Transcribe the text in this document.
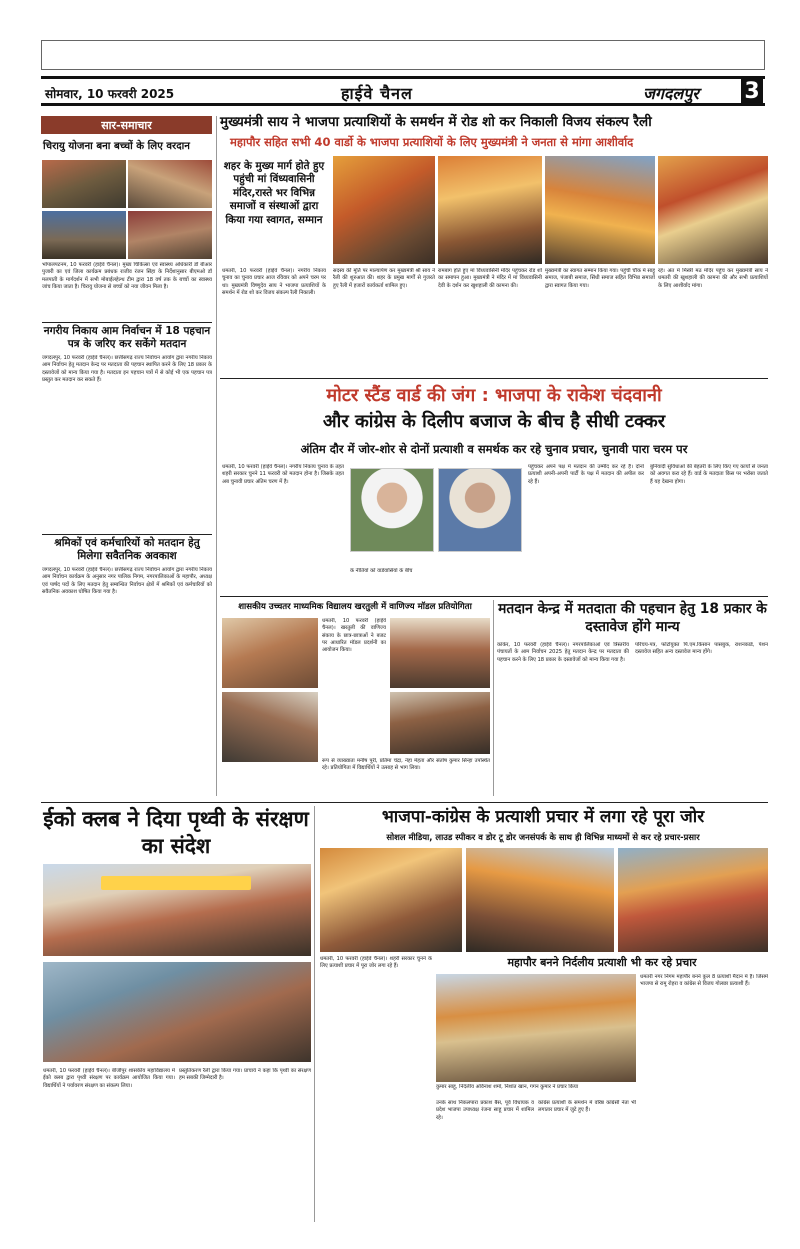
सोमवार, 10 फरवरी 2025	हाईवे चैनल	जगदलपुर 3
सार-समाचार
चिरायु योजना बना बच्चों के लिए वरदान
भोपालपटनम, 10 फरवरी (हाईवे चैनल)। मुख्य चिकित्सा एवं स्वास्थ्य अधिकारी डॉ बीआर पुजारी का एवं जिला कार्यक्रम प्रबंधक राजीव रंजन सिंहा के निर्देशानुसार बीएमओ डॉ मलपाती के मार्गदर्शन में सभी मोबाईलहेल्थ टीम द्वारा 18 वर्ष तक के बच्चों का स्वास्थ्य जांच किया जाता है। चिरायु योजना से बच्चों को नया जीवन मिला है।
नगरीय निकाय आम निर्वाचन में 18 पहचान पत्र के जरिए कर सकेंगे मतदान
जगदलपुर, 10 फरवरी (हाईवे चैनल)। छत्तीसगढ़ राज्य निर्वाचन आयोग द्वारा नगरीय निकाय आम निर्वाचन हेतु मतदान केन्द्र पर मतदाता की पहचान स्थापित करने के लिए 18 प्रकार के दस्तावेजों को मान्य किया गया है। मतदाता इन पहचान पत्रों में से कोई भी एक पहचान पत्र प्रस्तुत कर मतदान कर सकते हैं।
श्रमिकों एवं कर्मचारियों को मतदान हेतु मिलेगा सवैतनिक अवकाश
जगदलपुर, 10 फरवरी (हाईवे चैनल)। छत्तीसगढ़ राज्य निर्वाचन आयोग द्वारा नगरीय निकाय आम निर्वाचन कार्यक्रम के अनुसार नगर पालिक निगम, नगरपालिकाओं के महापौर, अध्यक्ष एवं पार्षद पदों के लिए मतदान हेतु सम्बन्धित निर्वाचन क्षेत्रों में श्रमिकों एवं कर्मचारियों को सवैतनिक अवकाश घोषित किया गया है।
मुख्यमंत्री साय ने भाजपा प्रत्याशियों के समर्थन में रोड शो कर निकाली विजय संकल्प रैली
महापौर सहित सभी 40 वार्डो के भाजपा प्रत्याशियों के लिए मुख्यमंत्री ने जनता से मांगा आशीर्वाद
शहर के मुख्य मार्ग होते हुए पहुंची मां विंध्यवासिनी मंदिर,रास्ते भर विभिन्न समाजों व संस्थाओं द्वारा किया गया स्वागत, सम्मान
धमतरी, 10 फरवरी (हाईवे चैनल)। नगरीय निकाय चुनाव का चुनाव प्रचार आज रविवार को अपने चरम पर था। मुख्यमंत्री विष्णुदेव साय ने भाजपा प्रत्याशियों के समर्थन में रोड शो कर विजय संकल्प रैली निकाली।
सदस्य की मूर्ति पर माल्यार्पण कर मुख्यमंत्री श्री साय ने रैली की शुरुआत की। शहर के प्रमुख मार्गों से गुजरते हुए रैली में हजारों कार्यकर्ता शामिल हुए।
रामबाग होते हुए मां विंध्यवासिनी मंदिर पहुंचकर रोड शो का समापन हुआ। मुख्यमंत्री ने मंदिर में मां विंध्यवासिनी देवी के दर्शन कर खुशहाली की कामना की।
मुख्यमंत्री का स्वागत सम्मान किया गया। पहुंची चौक में साहू समाज, पंजाबी समाज, सिंधी समाज सहित विभिन्न समाजों द्वारा स्वागत किया गया।
रहे। अंत में मिस्त्री मठ मंदिर पहुंच कर मुख्यमंत्री साय ने धमतरी की खुशहाली की कामना की और सभी प्रत्याशियों के लिए आशीर्वाद मांगा।
मोटर स्टैंड वार्ड की जंग : भाजपा के राकेश चंदवानी
और कांग्रेस के दिलीप बजाज के बीच है सीधी टक्कर
अंतिम दौर में जोर-शोर से दोनों प्रत्याशी व समर्थक कर रहे चुनाव प्रचार, चुनावी पारा चरम पर
धमतरी, 10 फरवरी (हाईवे चैनल)। नगरीय निकाय चुनाव के तहत शहरी सरकार चुनने 11 फरवरी को मतदान होना है। जिसके तहत अब चुनावी प्रचार अंतिम चरण में है।
के नीतियों को वार्डवासियों के बीच
पहुंचकर अपने पक्ष में मतदान की उम्मीद कर रहे हैं। दोनों प्रत्याशी अपनी-अपनी पार्टी के पक्ष में मतदान की अपील कर रहे हैं।
बुनियादी सुविधाओं की बेहतरी के लिए किए गए कार्यों से जनता को अवगत करा रहे हैं। वार्ड के मतदाता किस पर भरोसा जताते हैं यह देखना होगा।
शासकीय उच्चतर माध्यमिक विद्यालय खरतुली में वाणिज्य मॉडल प्रतियोगिता
धमतरी, 10 फरवरी (हाईवे चैनल)। खरतुली की वाणिज्य संकाय के छात्र-छात्राओं ने बजट पर आधारित मॉडल प्रदर्शनी का आयोजन किया।
रूप से व्याख्याता मनीष पुरी, प्रतिमा चंद्रा, नेहा मेहता और संतोष कुमार सिन्हा उपस्थित रहे। प्रतियोगिता में विद्यार्थियों ने उत्साह से भाग लिया।
मतदान केन्द्र में मतदाता की पहचान हेतु 18 प्रकार के दस्तावेज होंगे मान्य
कांकेर, 10 फरवरी (हाईवे चैनल)। नगरपालिकाओं एवं त्रिस्तरीय पंचायतों के आम निर्वाचन 2025 हेतु मतदान केन्द्र पर मतदाता की पहचान करने के लिए 18 प्रकार के दस्तावेजों को मान्य किया गया है।
परिचय-पत्र, फोटोयुक्त पि.एम.किसान पासबुक, राशनकार्ड, पेंशन दस्तावेज सहित अन्य दस्तावेज मान्य होंगे।
ईको क्लब ने दिया पृथ्वी के संरक्षण का संदेश
धमतरी, 10 फरवरी (हाईवे चैनल)। बीजीपुर शासकीय महाविद्यालय में ईको क्लब द्वारा पृथ्वी संरक्षण पर कार्यक्रम आयोजित किया गया। विद्यार्थियों ने पर्यावरण संरक्षण का संकल्प लिया।
प्रस्तुतिकरण रैली द्वारा किया गया। प्राचार्य ने कहा कि पृथ्वी का संरक्षण हम सबकी जिम्मेदारी है।
भाजपा-कांग्रेस के प्रत्याशी प्रचार में लगा रहे पूरा जोर
सोशल मीडिया, लाउड स्पीकर व डोर टू डोर जनसंपर्क के साथ ही विभिन्न माध्यमों से कर रहे प्रचार-प्रसार
धमतरी, 10 फरवरी (हाईवे चैनल)। शहरी सरकार चुनने के लिए प्रत्याशी प्रचार में पूरा जोर लगा रहे हैं।	महापौर बनने निर्दलीय प्रत्याशी भी कर रहे प्रचार
कुमार साहू, निर्दलीय अविनाश शर्मा, निशांत खान, गगन कुमार ने प्रचार किया
धमतरी नगर निगम महापौर बनने कुल 8 प्रत्याशी मैदान में हैं। जिसमें भाजपा से रामू रोहरा व कांग्रेस से विजय गोलछा प्रत्याशी हैं।
उनके साथ निकलपारा प्रकाश बैस, पूर्व विधायक व प्रदेश भाजपा उपाध्यक्ष रंजना साहू प्रचार में शामिल रहे।
कांग्रेस प्रत्याशी के समर्थन में वरिष्ठ कांग्रेसी नेता भी लगातार प्रचार में जुटे हुए हैं।
